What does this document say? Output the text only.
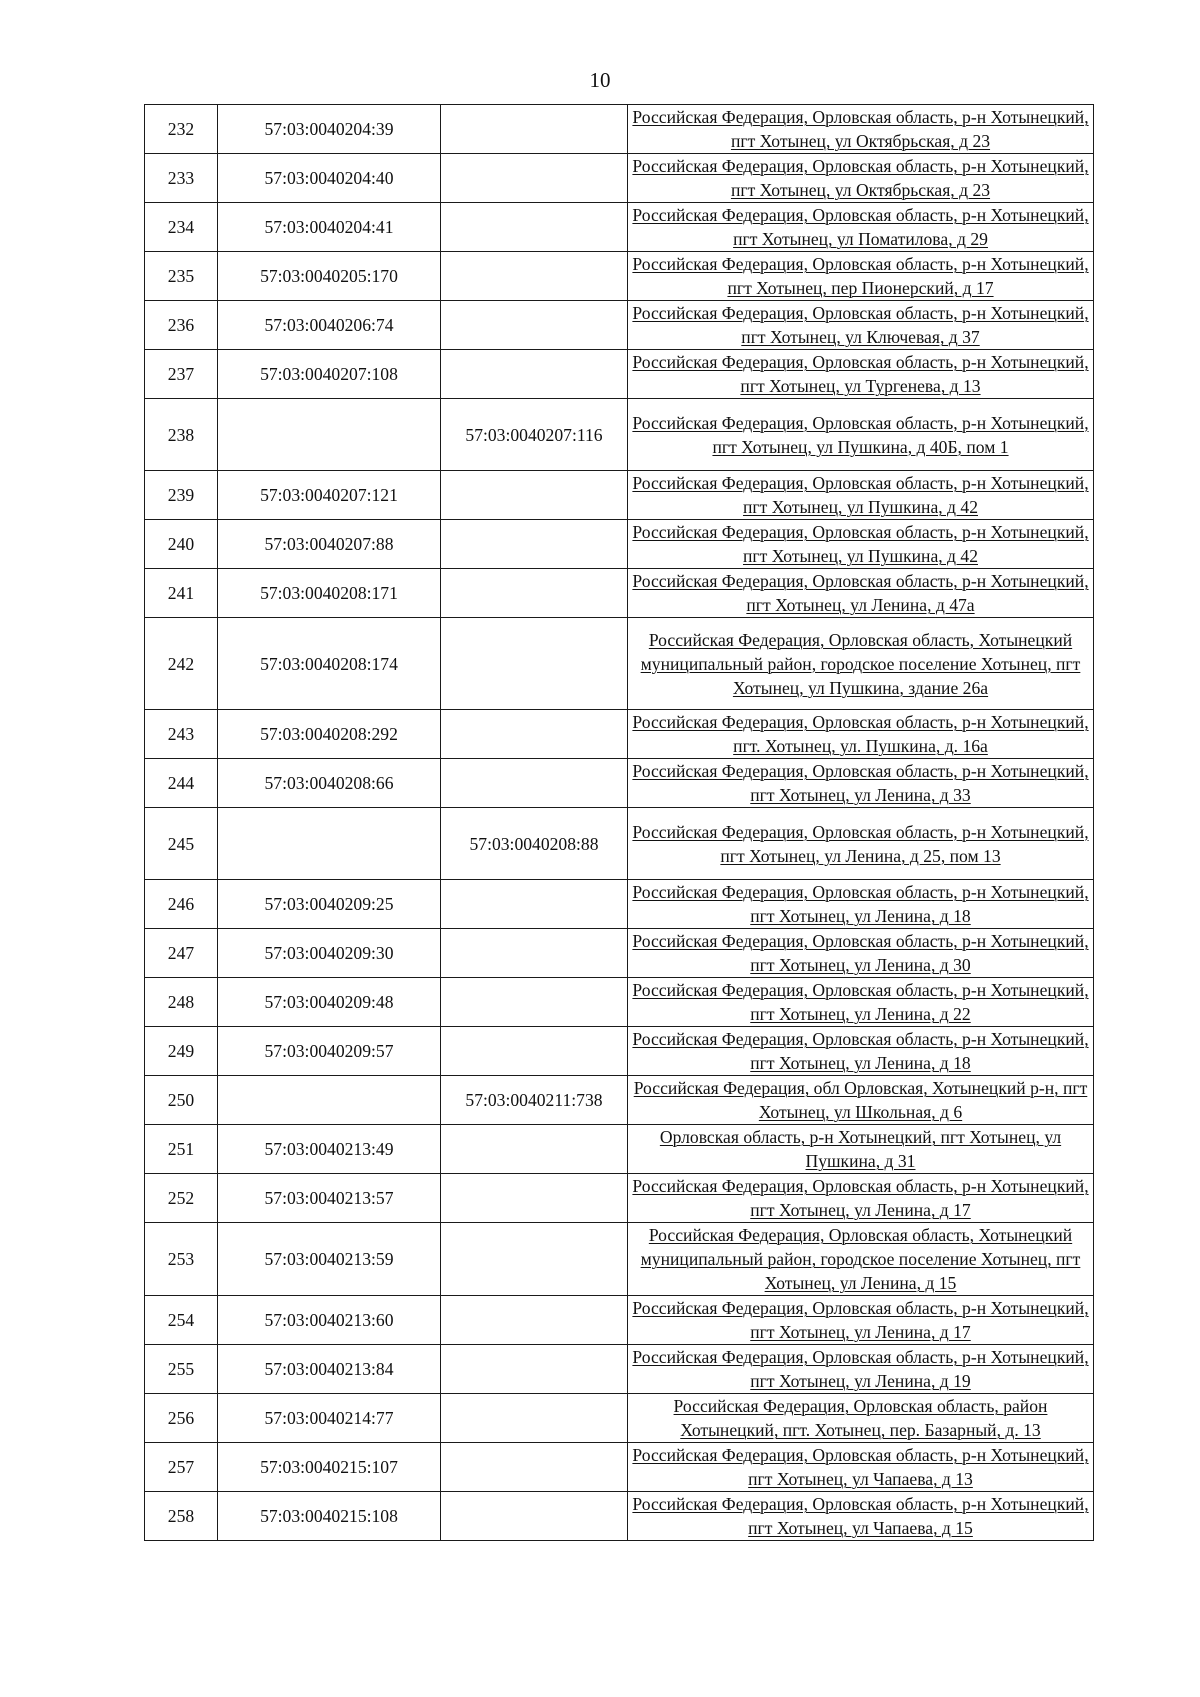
10
232	57:03:0040204:39		Российская Федерация, Орловская область, р-н Хотынецкий, пгт Хотынец, ул Октябрьская, д 23

233	57:03:0040204:40		Российская Федерация, Орловская область, р-н Хотынецкий, пгт Хотынец, ул Октябрьская, д 23

234	57:03:0040204:41		Российская Федерация, Орловская область, р-н Хотынецкий, пгт Хотынец, ул Поматилова, д 29

235	57:03:0040205:170		Российская Федерация, Орловская область, р-н Хотынецкий, пгт Хотынец, пер Пионерский, д 17

236	57:03:0040206:74		Российская Федерация, Орловская область, р-н Хотынецкий, пгт Хотынец, ул Ключевая, д 37

237	57:03:0040207:108		Российская Федерация, Орловская область, р-н Хотынецкий, пгт Хотынец, ул Тургенева, д 13

238		57:03:0040207:116	Российская Федерация, Орловская область, р-н Хотынецкий, пгт Хотынец, ул Пушкина, д 40Б, пом 1

239	57:03:0040207:121		Российская Федерация, Орловская область, р-н Хотынецкий, пгт Хотынец, ул Пушкина, д 42

240	57:03:0040207:88		Российская Федерация, Орловская область, р-н Хотынецкий, пгт Хотынец, ул Пушкина, д 42

241	57:03:0040208:171		Российская Федерация, Орловская область, р-н Хотынецкий, пгт Хотынец, ул Ленина, д 47а

242	57:03:0040208:174		Российская Федерация, Орловская область, Хотынецкий муниципальный район, городское поселение Хотынец, пгт Хотынец, ул Пушкина, здание 26а

243	57:03:0040208:292		Российская Федерация, Орловская область, р-н Хотынецкий, пгт. Хотынец, ул. Пушкина, д. 16а

244	57:03:0040208:66		Российская Федерация, Орловская область, р-н Хотынецкий, пгт Хотынец, ул Ленина, д 33

245		57:03:0040208:88	Российская Федерация, Орловская область, р-н Хотынецкий, пгт Хотынец, ул Ленина, д 25, пом 13

246	57:03:0040209:25		Российская Федерация, Орловская область, р-н Хотынецкий, пгт Хотынец, ул Ленина, д 18

247	57:03:0040209:30		Российская Федерация, Орловская область, р-н Хотынецкий, пгт Хотынец, ул Ленина, д 30

248	57:03:0040209:48		Российская Федерация, Орловская область, р-н Хотынецкий, пгт Хотынец, ул Ленина, д 22

249	57:03:0040209:57		Российская Федерация, Орловская область, р-н Хотынецкий, пгт Хотынец, ул Ленина, д 18

250		57:03:0040211:738	Российская Федерация, обл Орловская, Хотынецкий р-н, пгт Хотынец, ул Школьная, д 6

251	57:03:0040213:49		Орловская область, р-н Хотынецкий, пгт Хотынец, ул Пушкина, д 31

252	57:03:0040213:57		Российская Федерация, Орловская область, р-н Хотынецкий, пгт Хотынец, ул Ленина, д 17

253	57:03:0040213:59		Российская Федерация, Орловская область, Хотынецкий муниципальный район, городское поселение Хотынец, пгт Хотынец, ул Ленина, д 15

254	57:03:0040213:60		Российская Федерация, Орловская область, р-н Хотынецкий, пгт Хотынец, ул Ленина, д 17

255	57:03:0040213:84		Российская Федерация, Орловская область, р-н Хотынецкий, пгт Хотынец, ул Ленина, д 19

256	57:03:0040214:77		Российская Федерация, Орловская область, район Хотынецкий, пгт. Хотынец, пер. Базарный, д. 13

257	57:03:0040215:107		Российская Федерация, Орловская область, р-н Хотынецкий, пгт Хотынец, ул Чапаева, д 13

258	57:03:0040215:108		Российская Федерация, Орловская область, р-н Хотынецкий, пгт Хотынец, ул Чапаева, д 15
